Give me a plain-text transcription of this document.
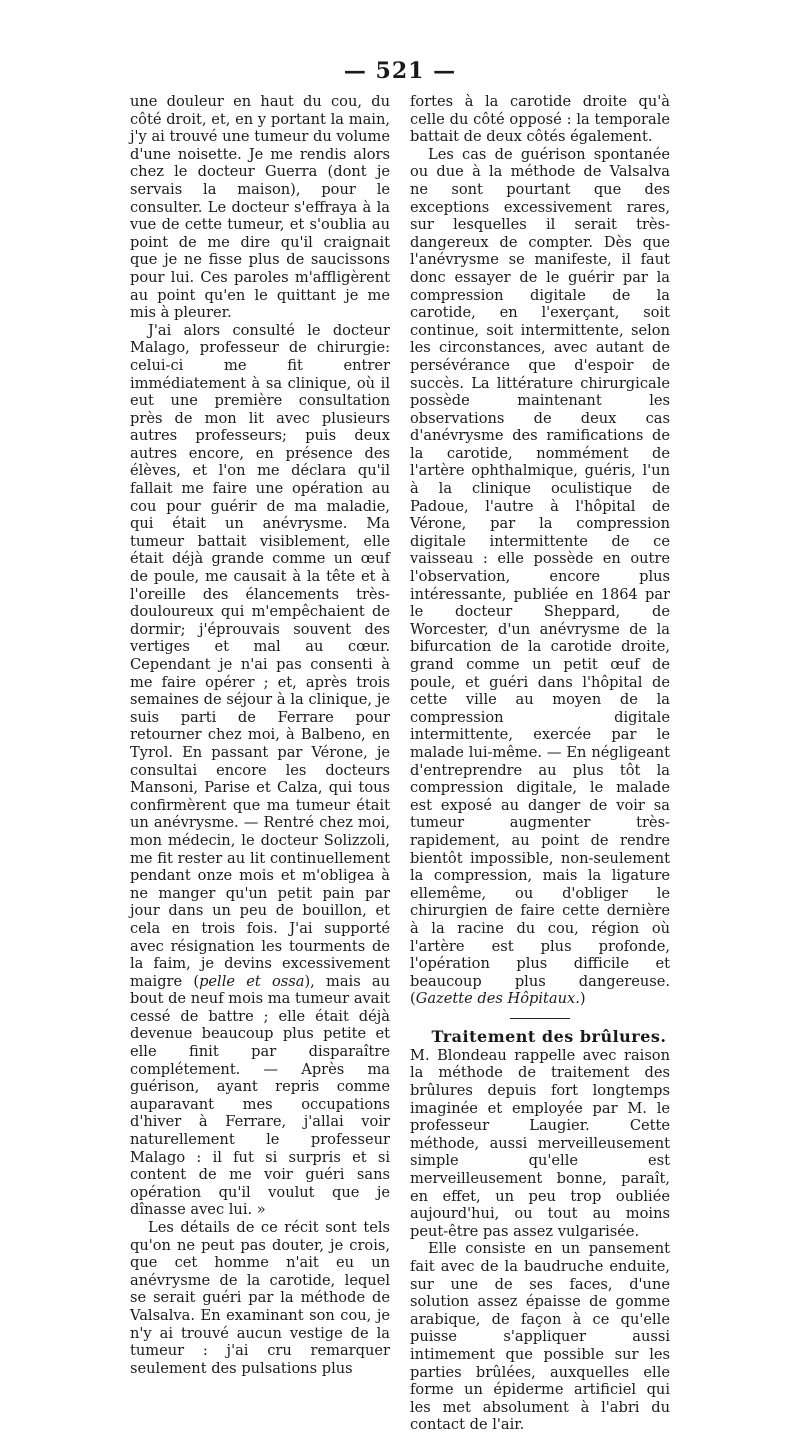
— 521 —

une douleur en haut du cou, du côté droit, et, en y portant la main, j'y ai trouvé une tumeur du volume d'une noisette. Je me rendis alors chez le docteur Guerra (dont je servais la maison), pour le consulter. Le docteur s'effraya à la vue de cette tumeur, et s'oublia au point de me dire qu'il craignait que je ne fisse plus de saucissons pour lui. Ces paroles m'affligèrent au point qu'en le quittant je me mis à pleurer.

J'ai alors consulté le docteur Malago, professeur de chirurgie: celui-ci me fit entrer immédiatement à sa clinique, où il eut une première consultation près de mon lit avec plusieurs autres professeurs; puis deux autres encore, en présence des élèves, et l'on me déclara qu'il fallait me faire une opération au cou pour guérir de ma maladie, qui était un anévrysme. Ma tumeur battait visiblement, elle était déjà grande comme un œuf de poule, me causait à la tête et à l'oreille des élancements très-douloureux qui m'empêchaient de dormir; j'éprouvais souvent des vertiges et mal au cœur. Cependant je n'ai pas consenti à me faire opérer ; et, après trois semaines de séjour à la clinique, je suis parti de Ferrare pour retourner chez moi, à Balbeno, en Tyrol. En passant par Vérone, je consultai encore les docteurs Mansoni, Parise et Calza, qui tous confirmèrent que ma tumeur était un anévrysme. — Rentré chez moi, mon médecin, le docteur Solizzoli, me fit rester au lit continuellement pendant onze mois et m'obligea à ne manger qu'un petit pain par jour dans un peu de bouillon, et cela en trois fois. J'ai supporté avec résignation les tourments de la faim, je devins excessivement maigre (pelle et ossa), mais au bout de neuf mois ma tumeur avait cessé de battre ; elle était déjà devenue beaucoup plus petite et elle finit par disparaître complétement. — Après ma guérison, ayant repris comme auparavant mes occupations d'hiver à Ferrare, j'allai voir naturellement le professeur Malago : il fut si surpris et si content de me voir guéri sans opération qu'il voulut que je dînasse avec lui. »

Les détails de ce récit sont tels qu'on ne peut pas douter, je crois, que cet homme n'ait eu un anévrysme de la carotide, lequel se serait guéri par la méthode de Valsalva. En examinant son cou, je n'y ai trouvé aucun vestige de la tumeur : j'ai cru remarquer seulement des pulsations plus

fortes à la carotide droite qu'à celle du côté opposé : la temporale battait de deux côtés également.

Les cas de guérison spontanée ou due à la méthode de Valsalva ne sont pourtant que des exceptions excessivement rares, sur lesquelles il serait très-dangereux de compter. Dès que l'anévrysme se manifeste, il faut donc essayer de le guérir par la compression digitale de la carotide, en l'exerçant, soit continue, soit intermittente, selon les circonstances, avec autant de persévérance que d'espoir de succès. La littérature chirurgicale possède maintenant les observations de deux cas d'anévrysme des ramifications de la carotide, nommément de l'artère ophthalmique, guéris, l'un à la clinique oculistique de Padoue, l'autre à l'hôpital de Vérone, par la compression digitale intermittente de ce vaisseau : elle possède en outre l'observation, encore plus intéressante, publiée en 1864 par le docteur Sheppard, de Worcester, d'un anévrysme de la bifurcation de la carotide droite, grand comme un petit œuf de poule, et guéri dans l'hôpital de cette ville au moyen de la compression digitale intermittente, exercée par le malade lui-même. — En négligeant d'entreprendre au plus tôt la compression digitale, le malade est exposé au danger de voir sa tumeur augmenter très-rapidement, au point de rendre bientôt impossible, non-seulement la compression, mais la ligature ellemême, ou d'obliger le chirurgien de faire cette dernière à la racine du cou, région où l'artère est plus profonde, l'opération plus difficile et beaucoup plus dangereuse. (Gazette des Hôpitaux.)

Traitement des brûlures.

M. Blondeau rappelle avec raison la méthode de traitement des brûlures depuis fort longtemps imaginée et employée par M. le professeur Laugier. Cette méthode, aussi merveilleusement simple qu'elle est merveilleusement bonne, paraît, en effet, un peu trop oubliée aujourd'hui, ou tout au moins peut-être pas assez vulgarisée.

Elle consiste en un pansement fait avec de la baudruche enduite, sur une de ses faces, d'une solution assez épaisse de gomme arabique, de façon à ce qu'elle puisse s'appliquer aussi intimement que possible sur les parties brûlées, auxquelles elle forme un épiderme artificiel qui les met absolument à l'abri du contact de l'air.
